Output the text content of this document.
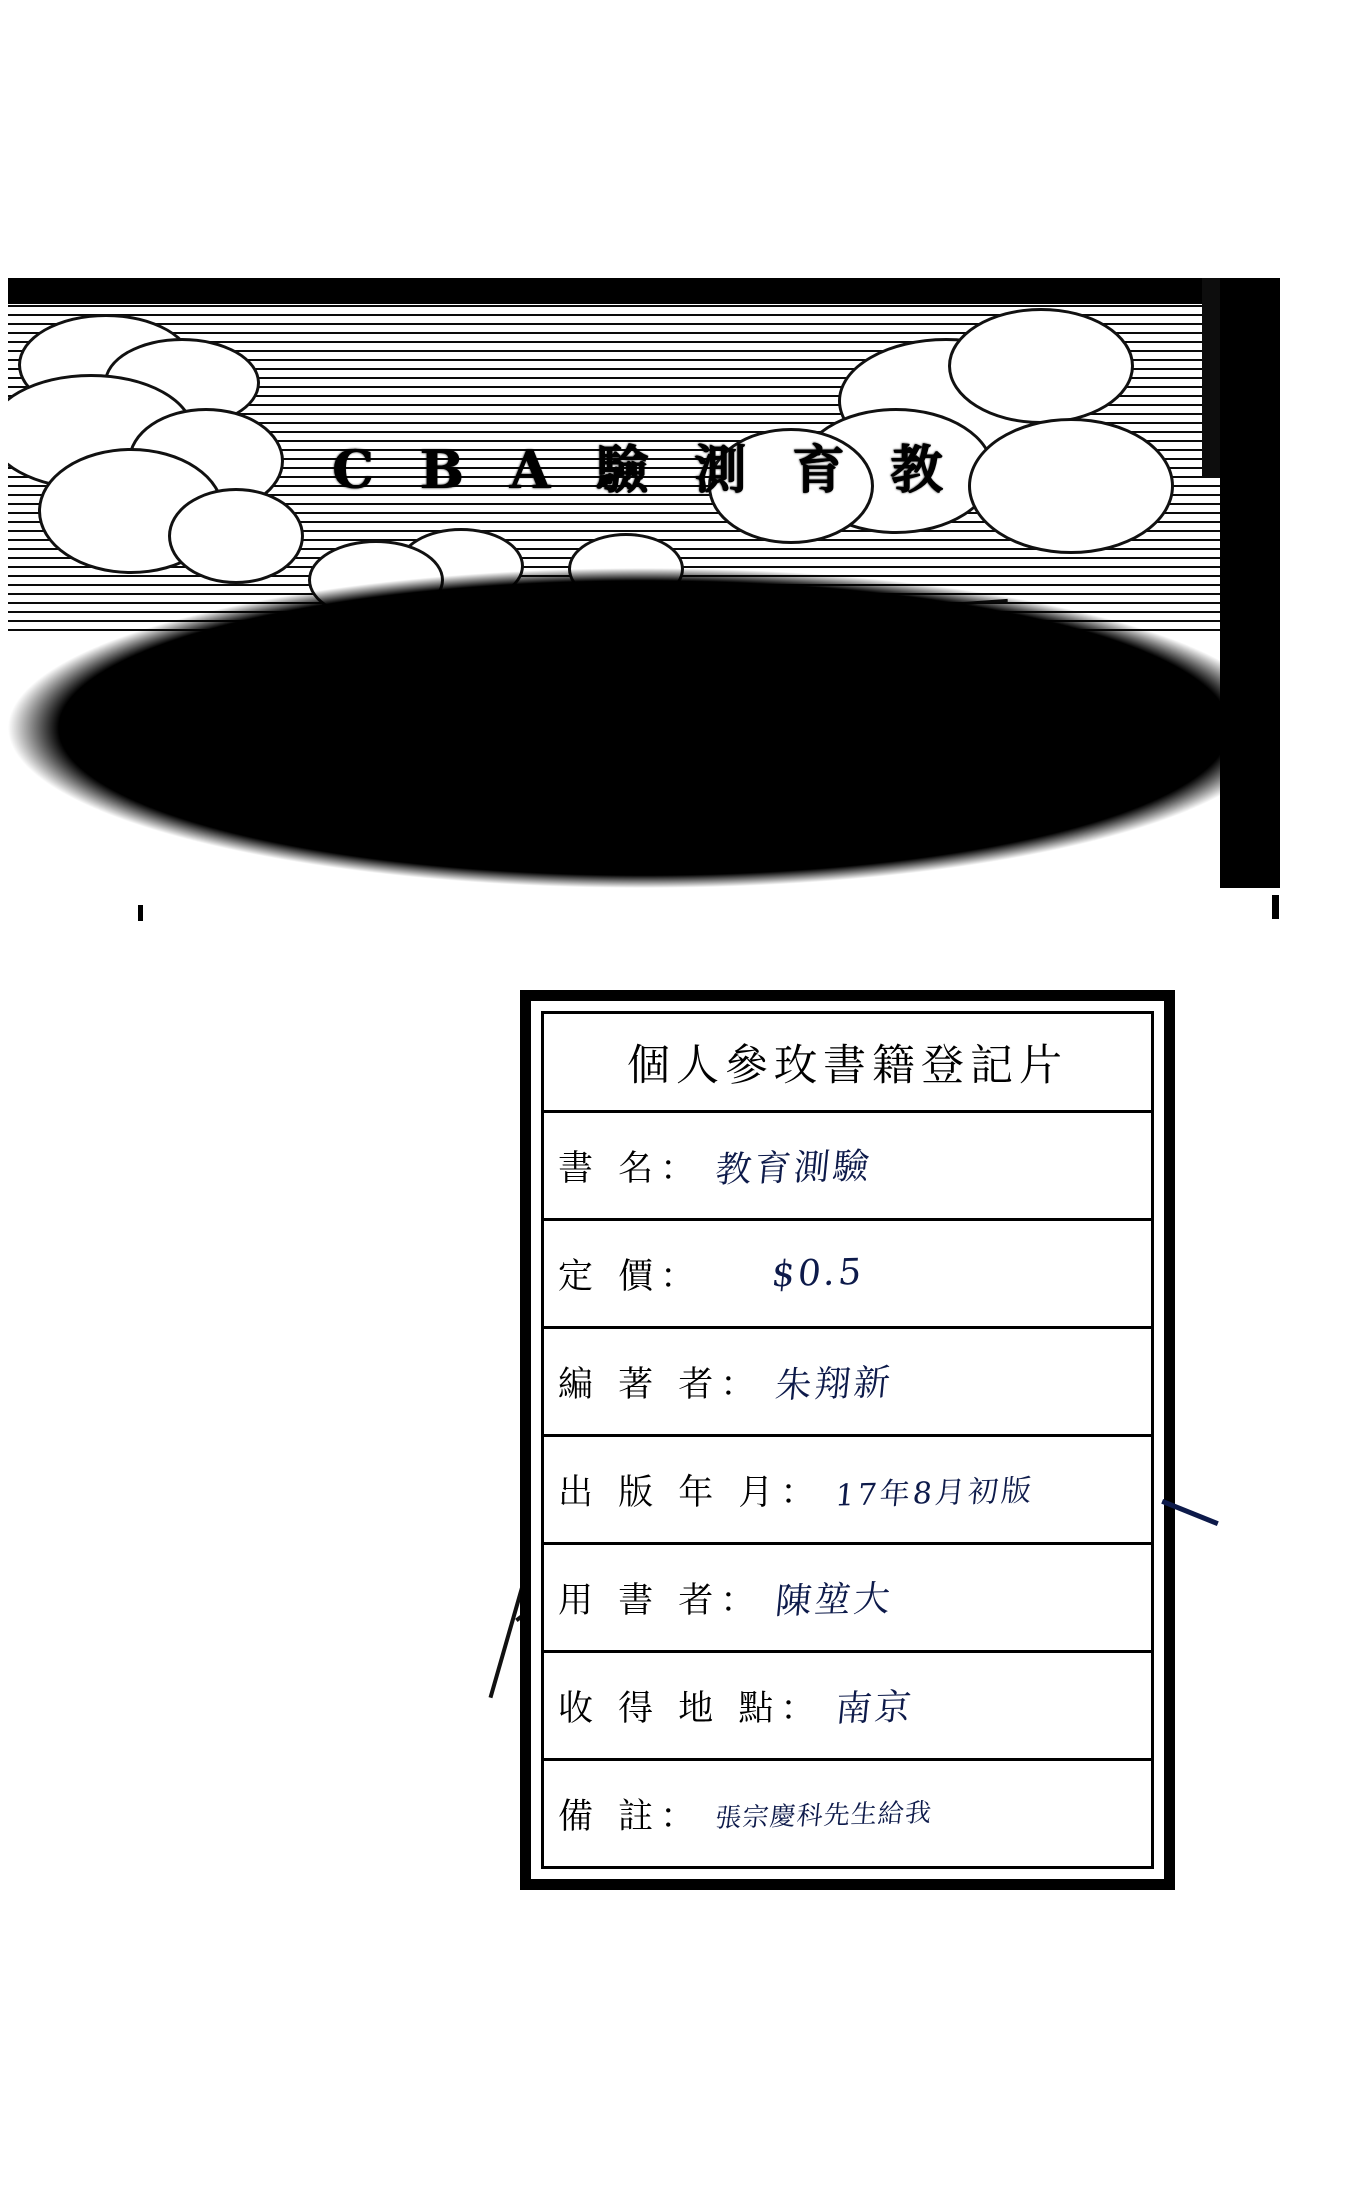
C B A 驗 測 育 教
個人參玫書籍登記片
書 名： 教育測驗
定 價： $0.5
編 著 者： 朱翔新
出 版 年 月： 17年8月初版
用 書 者： 陳堃大
收 得 地 點： 南京
備 註： 張宗慶科先生給我
